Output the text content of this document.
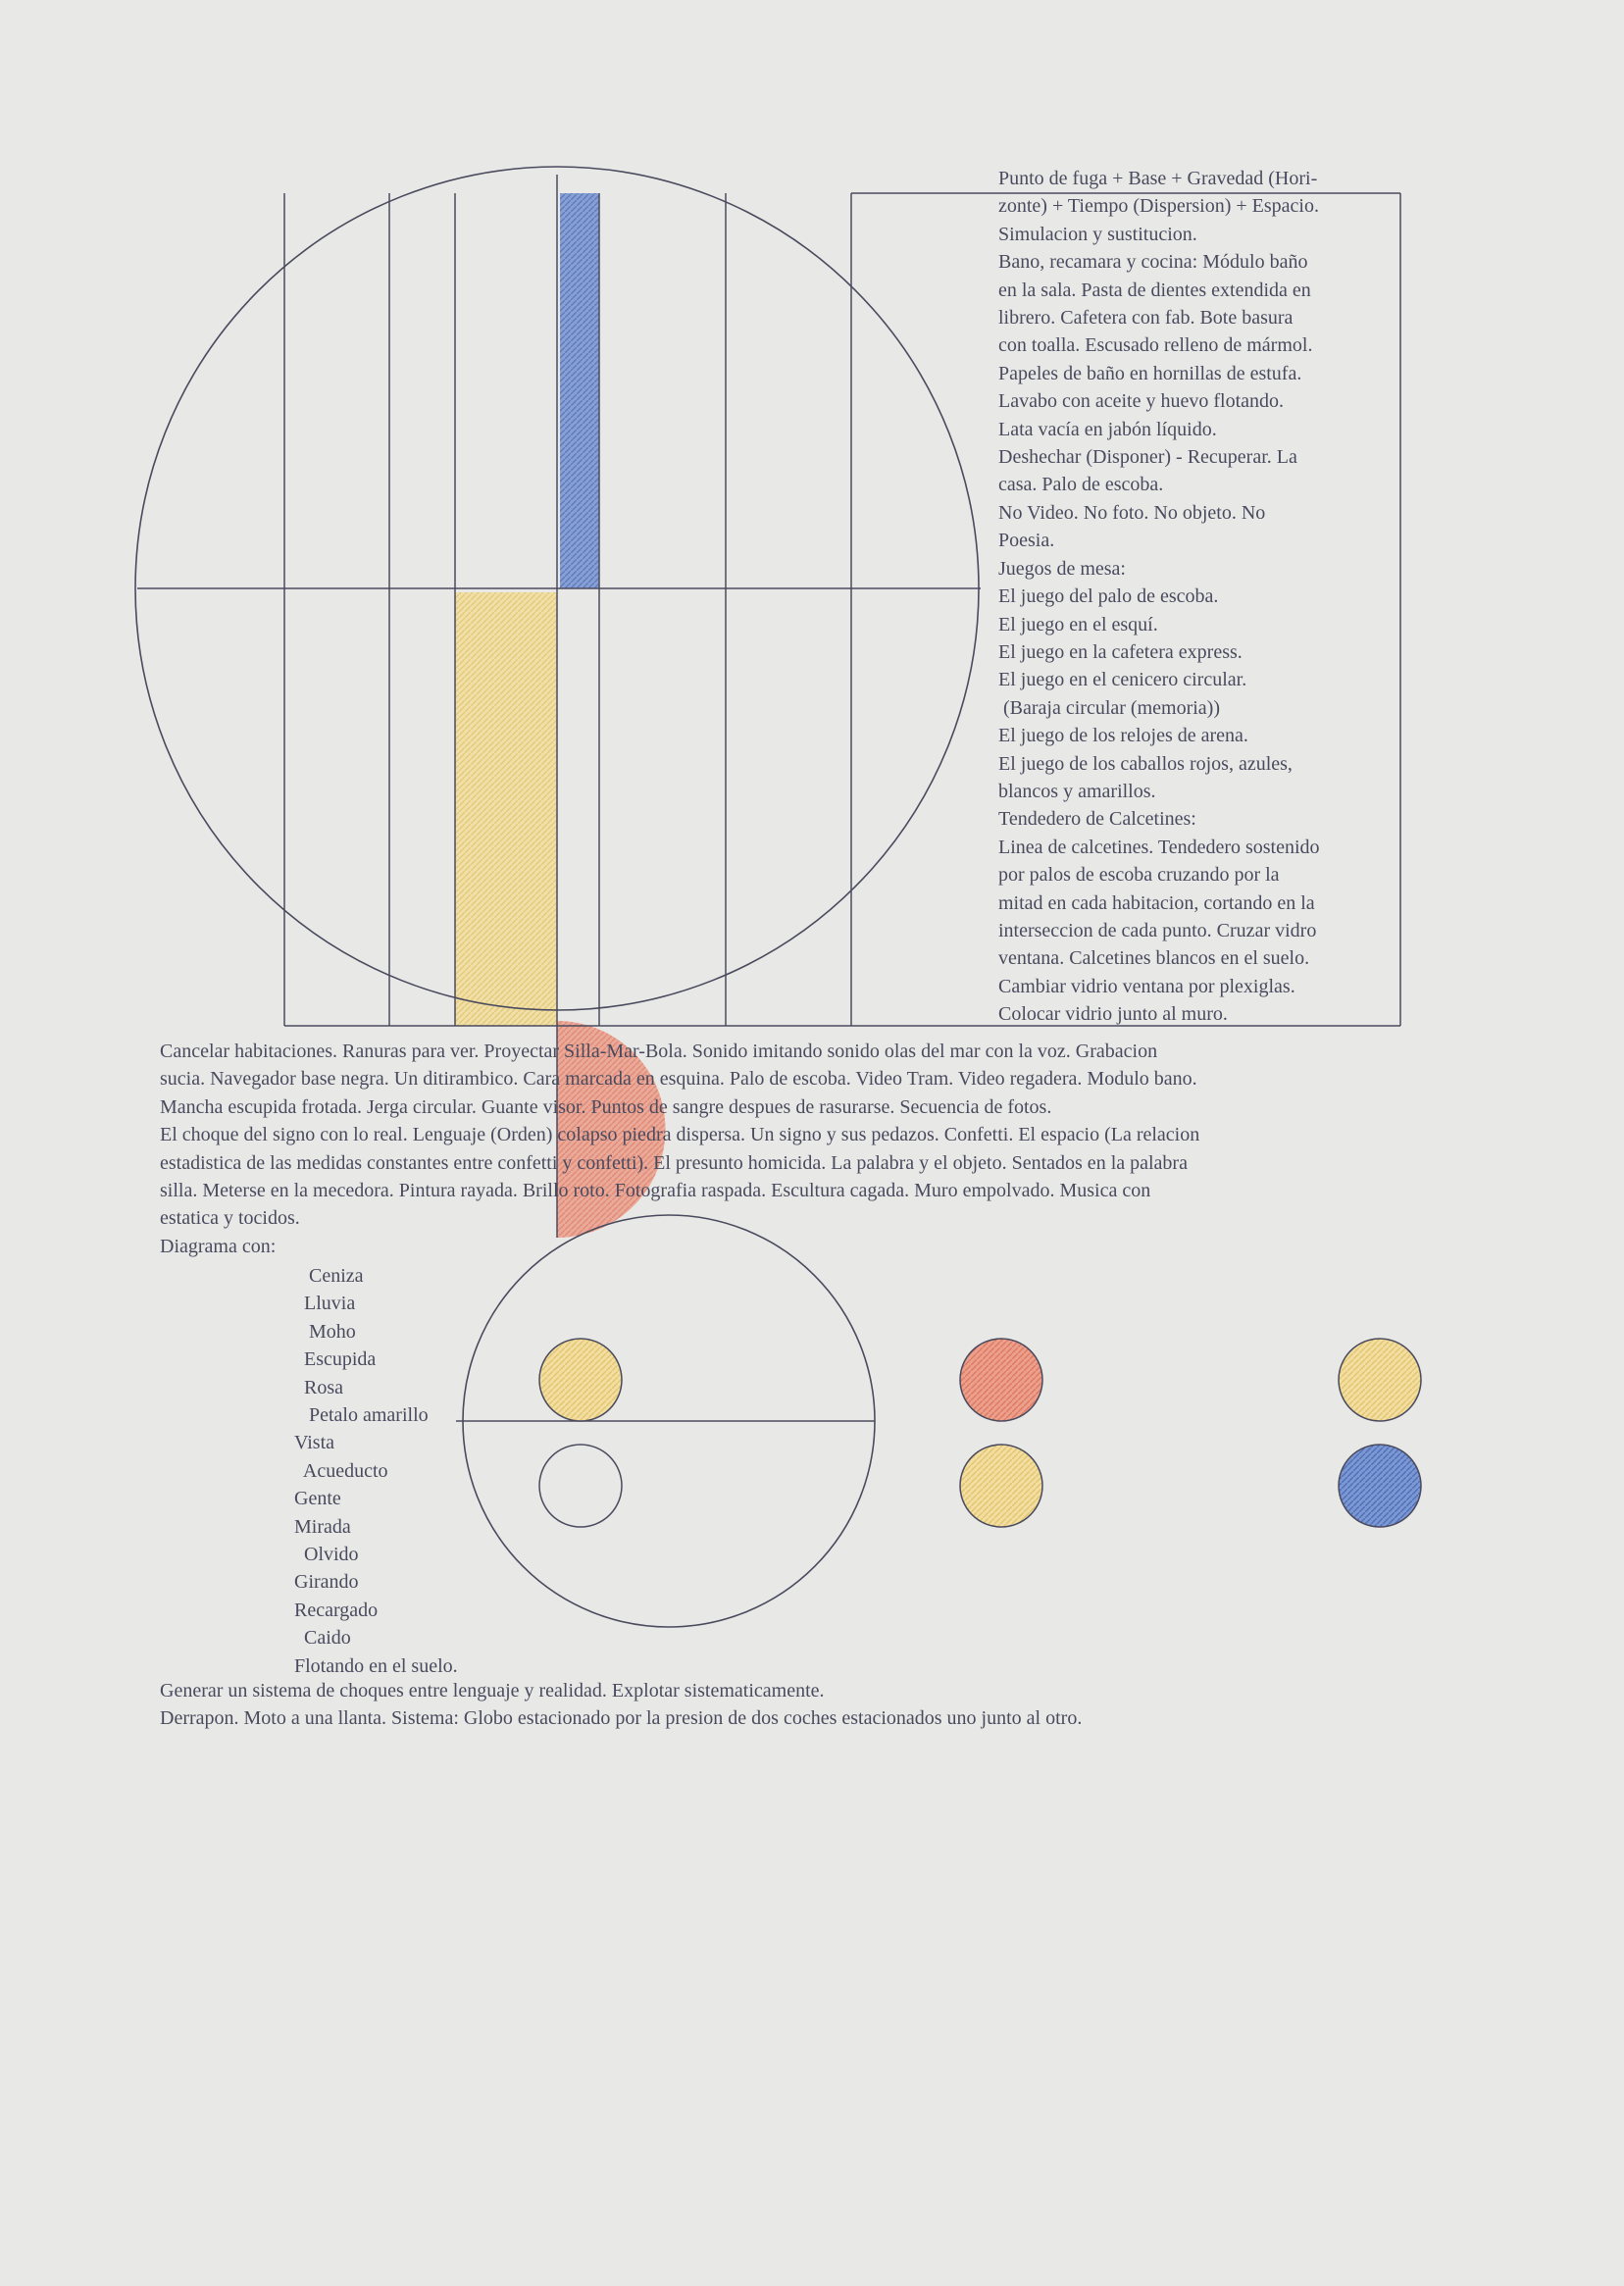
Punto de fuga + Base + Gravedad (Hori-
zonte) + Tiempo (Dispersion) + Espacio.
Simulacion y sustitucion.
Bano, recamara y cocina: Módulo baño
en la sala. Pasta de dientes extendida en
librero. Cafetera con fab. Bote basura
con toalla. Escusado relleno de mármol.
Papeles de baño en hornillas de estufa.
Lavabo con aceite y huevo flotando.
Lata vacía en jabón líquido.
Deshechar (Disponer) - Recuperar. La
casa. Palo de escoba.
No Video. No foto. No objeto. No
Poesia.
Juegos de mesa:
El juego del palo de escoba.
El juego en el esquí.
El juego en la cafetera express.
El juego en el cenicero circular.
(Baraja circular (memoria))
El juego de los relojes de arena.
El juego de los caballos rojos, azules,
blancos y amarillos.
Tendedero de Calcetines:
Linea de calcetines. Tendedero sostenido
por palos de escoba cruzando por la
mitad en cada habitacion, cortando en la
interseccion de cada punto. Cruzar vidro
ventana. Calcetines blancos en el suelo.
Cambiar vidrio ventana por plexiglas.
Colocar vidrio junto al muro.
Cancelar habitaciones. Ranuras para ver. Proyectar Silla-Mar-Bola. Sonido imitando sonido olas del mar con la voz. Grabacion
sucia. Navegador base negra. Un ditirambico. Cara marcada en esquina. Palo de escoba. Video Tram. Video regadera. Modulo bano.
Mancha escupida frotada. Jerga circular. Guante visor. Puntos de sangre despues de rasurarse. Secuencia de fotos.
El choque del signo con lo real. Lenguaje (Orden) colapso piedra dispersa. Un signo y sus pedazos. Confetti. El espacio (La relacion
estadistica de las medidas constantes entre confetti y confetti). El presunto homicida. La palabra y el objeto. Sentados en la palabra
silla. Meterse en la mecedora. Pintura rayada. Brillo roto. Fotografia raspada. Escultura cagada. Muro empolvado. Musica con
estatica y tocidos.
Diagrama con:
Ceniza
Lluvia
Moho
Escupida
Rosa
Petalo amarillo
Vista
Acueducto
Gente
Mirada
Olvido
Girando
Recargado
Caido
Flotando en el suelo.
Generar un sistema de choques entre lenguaje y realidad. Explotar sistematicamente.
Derrapon. Moto a una llanta. Sistema: Globo estacionado por la presion de dos coches estacionados uno junto al otro.
